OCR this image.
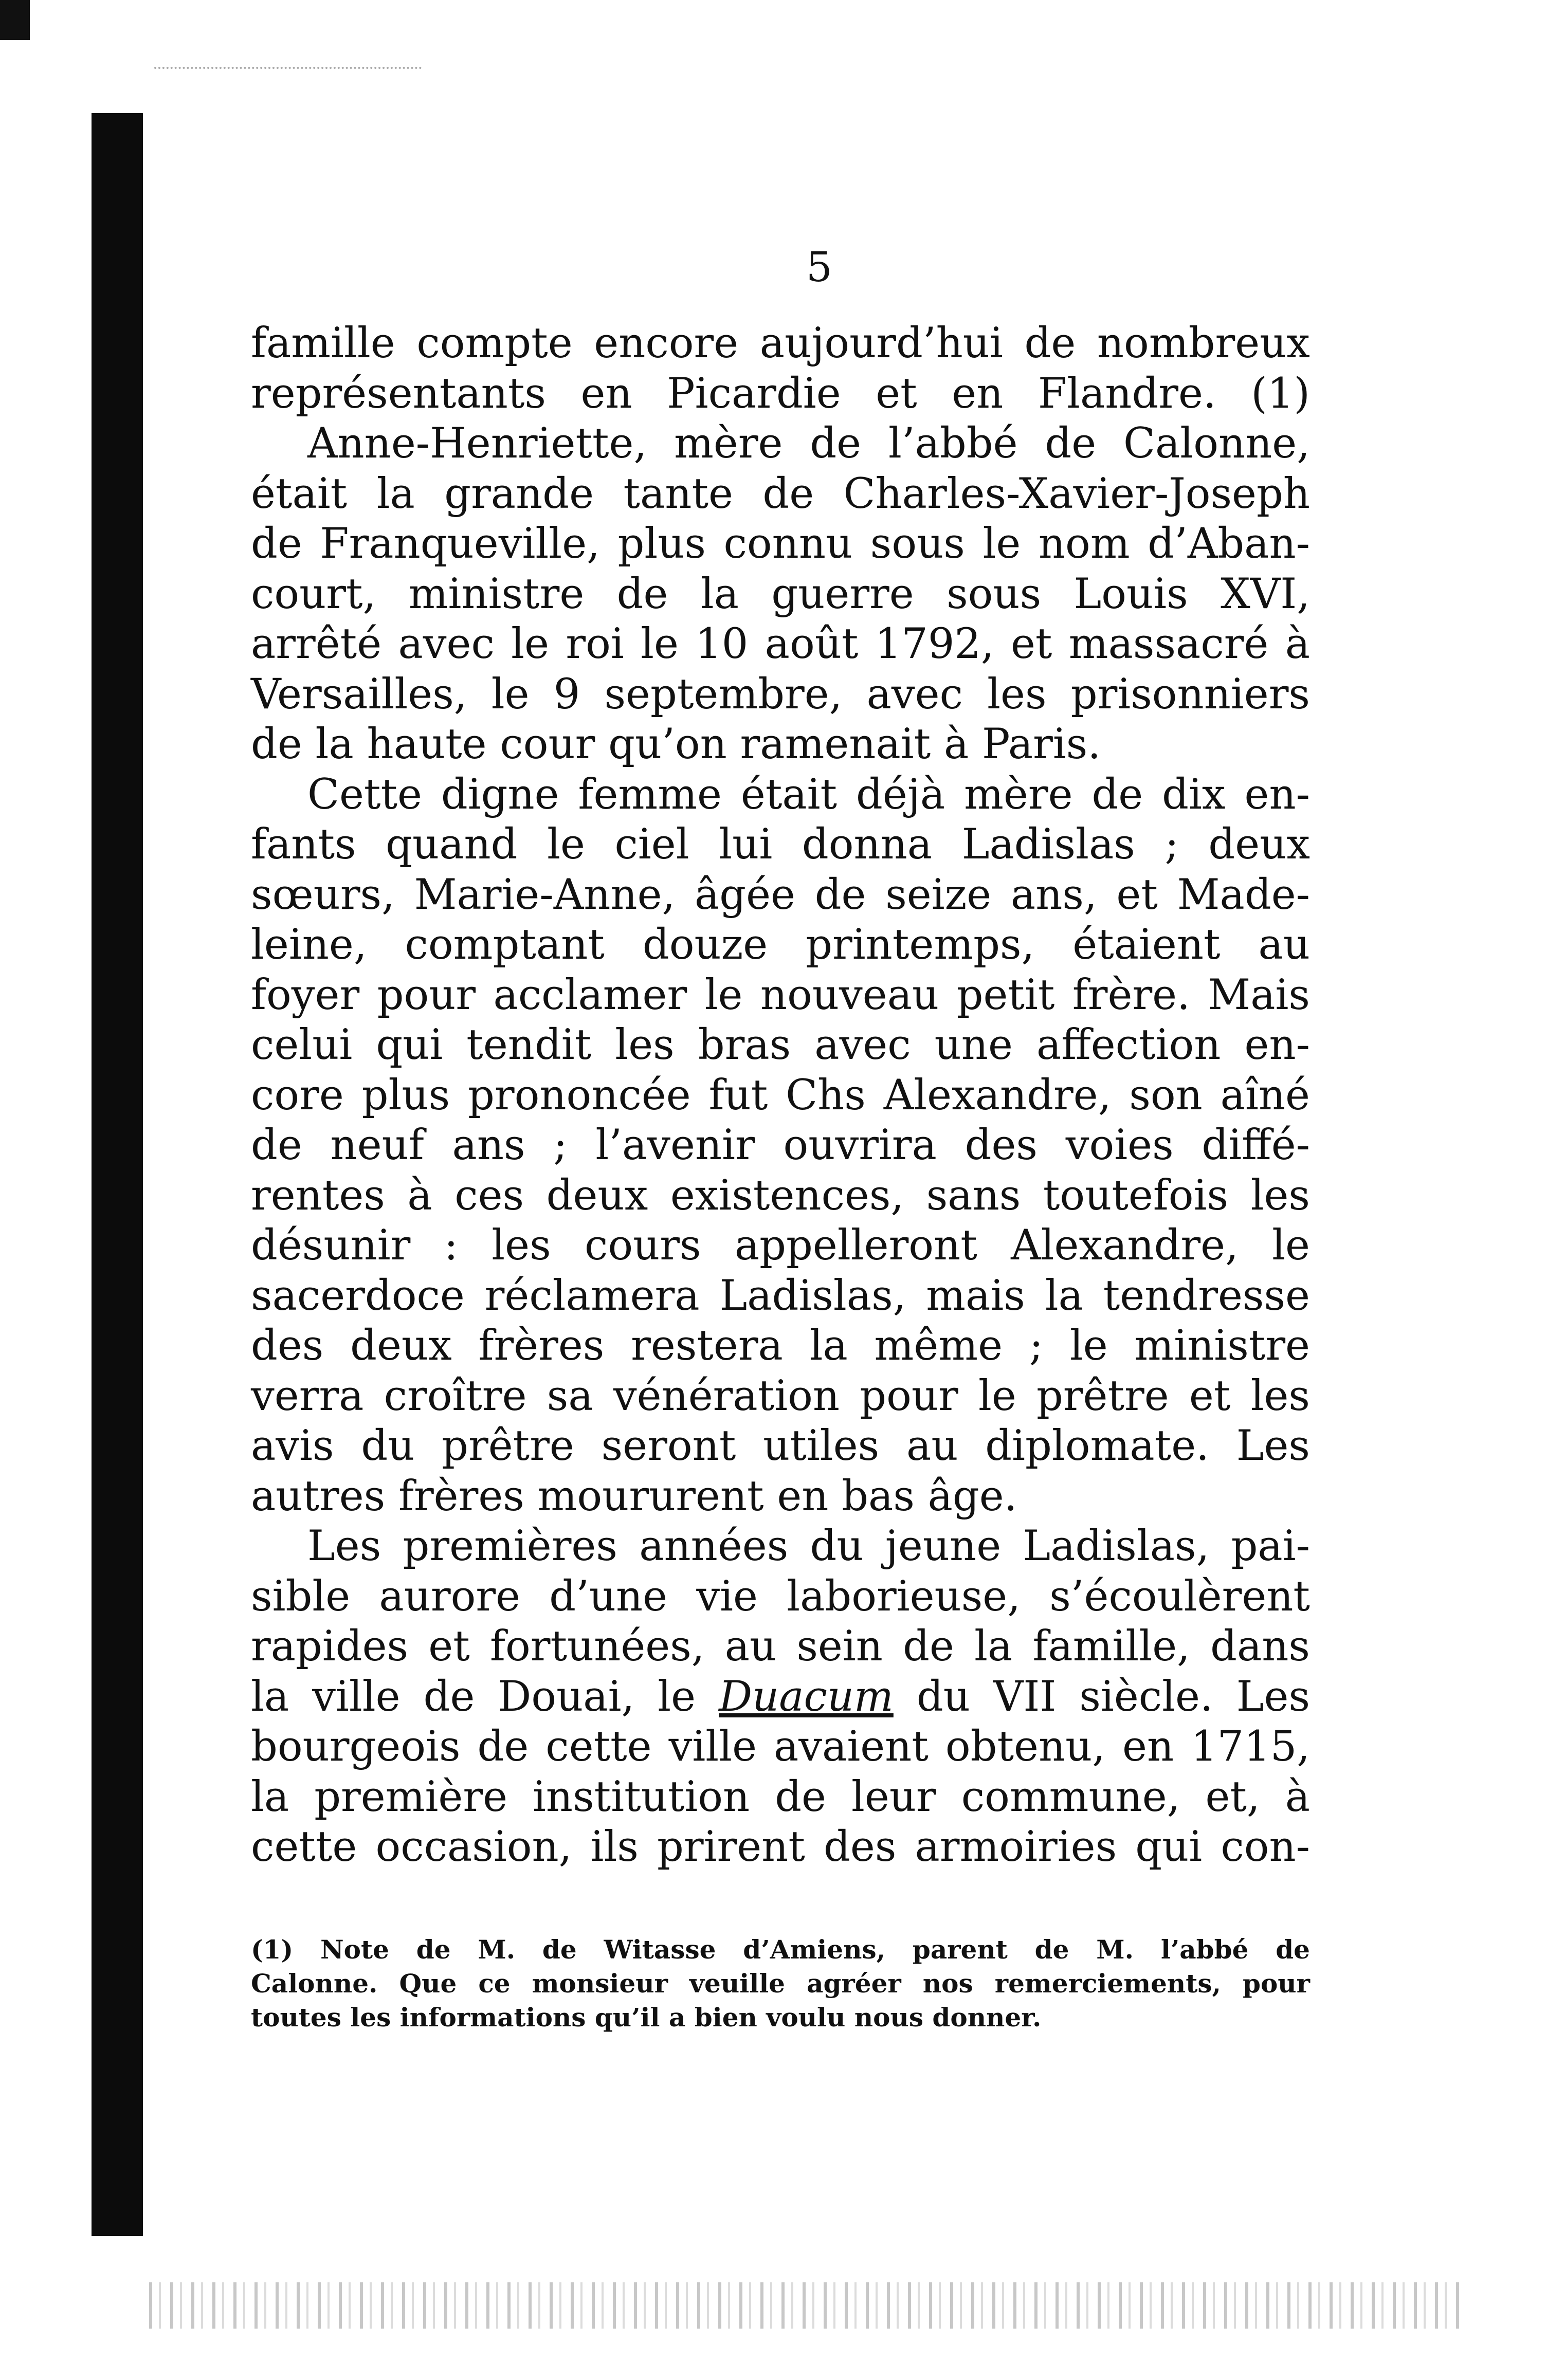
5
famille compte encore aujourd’hui de nombreux
représentants en Picardie et en Flandre. (1)
Anne-Henriette, mère de l’abbé de Calonne,
était la grande tante de Charles-Xavier-Joseph
de Franqueville, plus connu sous le nom d’Aban-
court, ministre de la guerre sous Louis XVI,
arrêté avec le roi le 10 août 1792, et massacré à
Versailles, le 9 septembre, avec les prisonniers
de la haute cour qu’on ramenait à Paris.
Cette digne femme était déjà mère de dix en-
fants quand le ciel lui donna Ladislas ; deux
sœurs, Marie-Anne, âgée de seize ans, et Made-
leine, comptant douze printemps, étaient au
foyer pour acclamer le nouveau petit frère. Mais
celui qui tendit les bras avec une affection en-
core plus prononcée fut Chs Alexandre, son aîné
de neuf ans ; l’avenir ouvrira des voies diffé-
rentes à ces deux existences, sans toutefois les
désunir : les cours appelleront Alexandre, le
sacerdoce réclamera Ladislas, mais la tendresse
des deux frères restera la même ; le ministre
verra croître sa vénération pour le prêtre et les
avis du prêtre seront utiles au diplomate. Les
autres frères moururent en bas âge.
Les premières années du jeune Ladislas, pai-
sible aurore d’une vie laborieuse, s’écoulèrent
rapides et fortunées, au sein de la famille, dans
la ville de Douai, le Duacum du VII siècle. Les
bourgeois de cette ville avaient obtenu, en 1715,
la première institution de leur commune, et, à
cette occasion, ils prirent des armoiries qui con-
(1) Note de M. de Witasse d’Amiens, parent de M. l’abbé de
Calonne. Que ce monsieur veuille agréer nos remerciements, pour
toutes les informations qu’il a bien voulu nous donner.
